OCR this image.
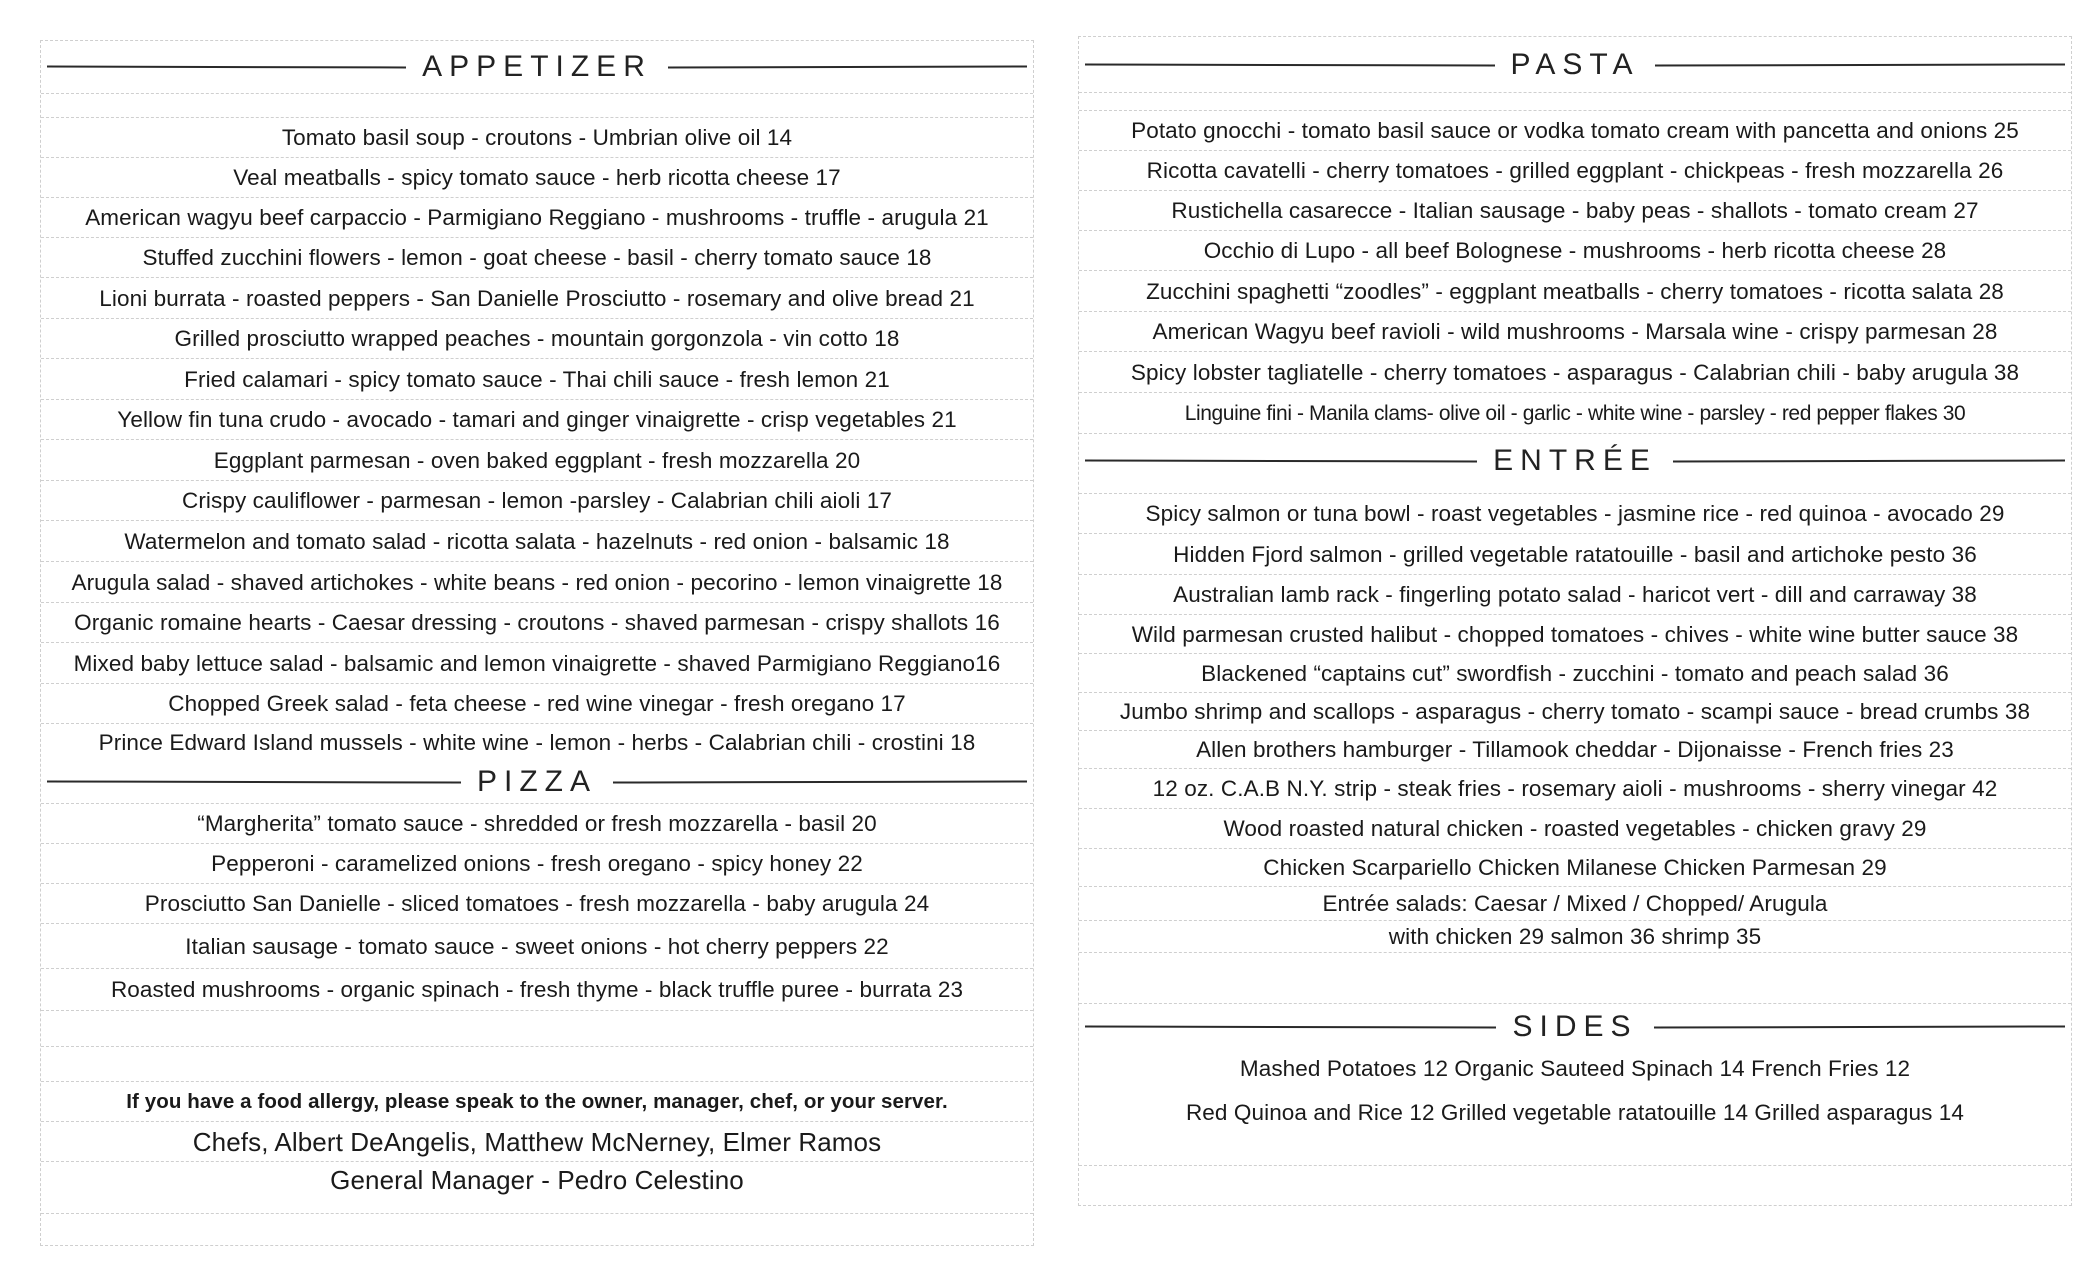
APPETIZER
Tomato basil soup - croutons - Umbrian olive oil 14
Veal meatballs - spicy tomato sauce - herb ricotta cheese 17
American wagyu beef carpaccio - Parmigiano Reggiano - mushrooms - truffle - arugula 21
Stuffed zucchini flowers - lemon - goat cheese - basil - cherry tomato sauce 18
Lioni burrata - roasted peppers - San Danielle Prosciutto - rosemary and olive bread 21
Grilled prosciutto wrapped peaches - mountain gorgonzola - vin cotto 18
Fried calamari - spicy tomato sauce - Thai chili sauce - fresh lemon 21
Yellow fin tuna crudo - avocado - tamari and ginger vinaigrette - crisp vegetables 21
Eggplant parmesan - oven baked eggplant - fresh mozzarella 20
Crispy cauliflower - parmesan - lemon -parsley - Calabrian chili aioli 17
Watermelon and tomato salad - ricotta salata - hazelnuts - red onion - balsamic 18
Arugula salad - shaved artichokes - white beans - red onion - pecorino - lemon vinaigrette 18
Organic romaine hearts - Caesar dressing - croutons - shaved parmesan - crispy shallots 16
Mixed baby lettuce salad - balsamic and lemon vinaigrette - shaved Parmigiano Reggiano16
Chopped Greek salad - feta cheese - red wine vinegar - fresh oregano 17
Prince Edward Island mussels - white wine - lemon - herbs - Calabrian chili - crostini 18
PIZZA
“Margherita” tomato sauce - shredded or fresh mozzarella - basil 20
Pepperoni - caramelized onions - fresh oregano - spicy honey 22
Prosciutto San Danielle - sliced tomatoes - fresh mozzarella - baby arugula 24
Italian sausage - tomato sauce - sweet onions - hot cherry peppers 22
Roasted mushrooms - organic spinach - fresh thyme - black truffle puree - burrata 23
If you have a food allergy, please speak to the owner, manager, chef, or your server.
Chefs, Albert DeAngelis, Matthew McNerney, Elmer Ramos
General Manager - Pedro Celestino
PASTA
Potato gnocchi - tomato basil sauce or vodka tomato cream with pancetta and onions 25
Ricotta cavatelli - cherry tomatoes - grilled eggplant - chickpeas - fresh mozzarella 26
Rustichella casarecce - Italian sausage - baby peas - shallots - tomato cream 27
Occhio di Lupo - all beef Bolognese - mushrooms - herb ricotta cheese 28
Zucchini spaghetti “zoodles” - eggplant meatballs - cherry tomatoes - ricotta salata 28
American Wagyu beef ravioli - wild mushrooms - Marsala wine - crispy parmesan 28
Spicy lobster tagliatelle - cherry tomatoes - asparagus - Calabrian chili - baby arugula 38
Linguine fini - Manila clams- olive oil - garlic - white wine - parsley - red pepper flakes 30
ENTRÉE
Spicy salmon or tuna bowl - roast vegetables - jasmine rice - red quinoa - avocado 29
Hidden Fjord salmon - grilled vegetable ratatouille - basil and artichoke pesto 36
Australian lamb rack - fingerling potato salad - haricot vert - dill and carraway 38
Wild parmesan crusted halibut - chopped tomatoes - chives - white wine butter sauce 38
Blackened “captains cut” swordfish - zucchini - tomato and peach salad 36
Jumbo shrimp and scallops - asparagus - cherry tomato - scampi sauce - bread crumbs 38
Allen brothers hamburger - Tillamook cheddar - Dijonaisse - French fries 23
12 oz. C.A.B N.Y. strip - steak fries - rosemary aioli - mushrooms - sherry vinegar 42
Wood roasted natural chicken - roasted vegetables - chicken gravy 29
Chicken Scarpariello Chicken Milanese Chicken Parmesan 29
Entrée salads: Caesar / Mixed / Chopped/ Arugula
with chicken 29 salmon 36 shrimp 35
SIDES
Mashed Potatoes 12 Organic Sauteed Spinach 14 French Fries 12
Red Quinoa and Rice 12 Grilled vegetable ratatouille 14 Grilled asparagus 14
